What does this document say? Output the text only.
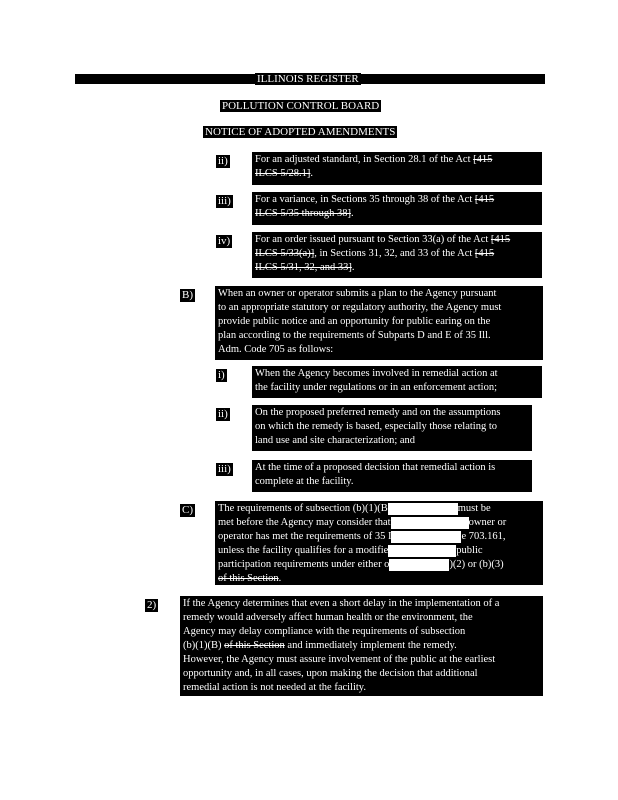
ILLINOIS REGISTER
POLLUTION CONTROL BOARD
NOTICE OF ADOPTED AMENDMENTS
ii)	For an adjusted standard, in Section 28.1 of the Act [415
ILCS 5/28.1].
iii) For a variance, in Sections 35 through 38 of the Act [415
ILCS 5/35 through 38].
iv) For an order issued pursuant to Section 33(a) of the Act [415
ILCS 5/33(a)], in Sections 31, 32, and 33 of the Act [415
ILCS 5/31, 32, and 33].
B) When an owner or operator submits a plan to the Agency pursuant
to an appropriate statutory or regulatory authority, the Agency must
provide public notice and an opportunity for public earing on the
plan according to the requirements of Subparts D and E of 35 Ill.
Adm. Code 705 as follows:
i)	When the Agency becomes involved in remedial action at
the facility under regulations or in an enforcement action;
ii)	On the proposed preferred remedy and on the assumptions
on which the remedy is based, especially those relating to
land use and site characterization; and
iii) At the time of a proposed decision that remedial action is
complete at the facility.
C) The requirements of subsection (b)(1)(B	must be
met before the Agency may consider that	owner or
operator has met the requirements of 35 I	e 703.161,
unless the facility qualifies for a modifie	public
participation requirements under either o	)(2) or (b)(3)
of this Section.
2)	If the Agency determines that even a short delay in the implementation of a
remedy would adversely affect human health or the environment, the
Agency may delay compliance with the requirements of subsection
(b)(1)(B) of this Section and immediately implement the remedy.
However, the Agency must assure involvement of the public at the earliest
opportunity and, in all cases, upon making the decision that additional
remedial action is not needed at the facility.
